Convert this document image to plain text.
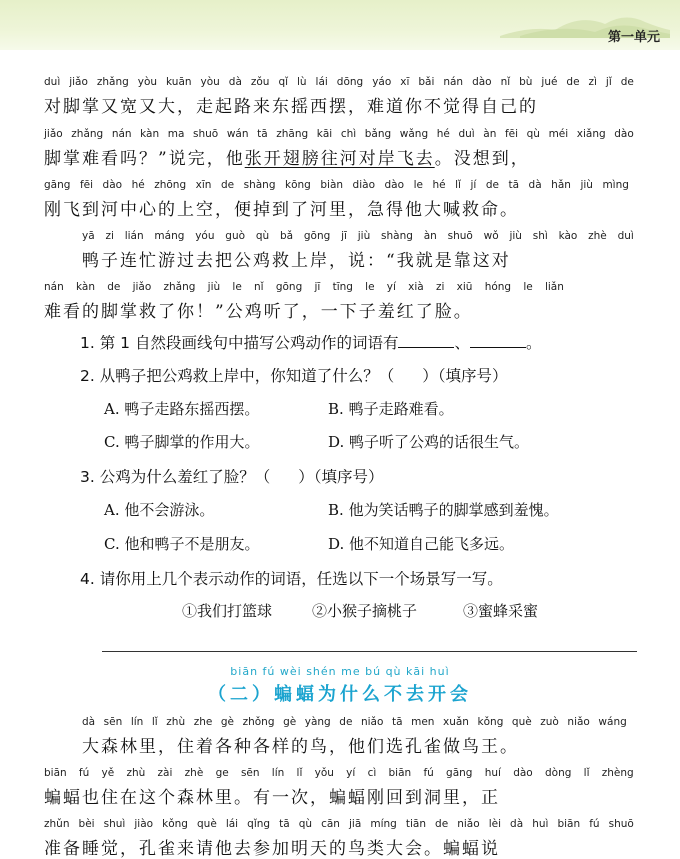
第一单元
duì jiǎo zhǎng yòu kuān yòu dà zǒu qǐ lù lái dōng yáo xī bǎi nán dào nǐ bù jué de zì jǐ de
对脚掌又宽又大，走起路来东摇西摆，难道你不觉得自己的
jiǎo zhǎng nán kàn ma shuō wán tā zhāng kāi chì bǎng wǎng hé duì àn fēi qù méi xiǎng dào
脚掌难看吗？”说完，他张开翅膀往河对岸飞去。没想到，
gāng fēi dào hé zhōng xīn de shàng kōng biàn diào dào le hé lǐ jí de tā dà hǎn jiù mìng
刚飞到河中心的上空，便掉到了河里，急得他大喊救命。
yā zi lián máng yóu guò qù bǎ gōng jī jiù shàng àn shuō wǒ jiù shì kào zhè duì
鸭子连忙游过去把公鸡救上岸，说：“我就是靠这对
nán kàn de jiǎo zhǎng jiù le nǐ gōng jī tīng le yí xià zi xiū hóng le liǎn
难看的脚掌救了你！”公鸡听了，一下子羞红了脸。
1. 第 1 自然段画线句中描写公鸡动作的词语有	、	。
2. 从鸭子把公鸡救上岸中，你知道了什么？（ ）（填序号）
A. 鸭子走路东摇西摆。	B. 鸭子走路难看。
C. 鸭子脚掌的作用大。	D. 鸭子听了公鸡的话很生气。
3. 公鸡为什么羞红了脸？（ ）（填序号）
A. 他不会游泳。	B. 他为笑话鸭子的脚掌感到羞愧。
C. 他和鸭子不是朋友。	D. 他不知道自己能飞多远。
4. 请你用上几个表示动作的词语，任选以下一个场景写一写。
①我们打篮球	②小猴子摘桃子	③蜜蜂采蜜
biān fú wèi shén me bú qù kāi huì
（二）蝙蝠为什么不去开会
dà sēn lín lǐ zhù zhe gè zhǒng gè yàng de niǎo tā men xuǎn kǒng què zuò niǎo wáng
大森林里，住着各种各样的鸟，他们选孔雀做鸟王。
biān fú yě zhù zài zhè ge sēn lín lǐ yǒu yí cì biān fú gāng huí dào dòng lǐ zhèng
蝙蝠也住在这个森林里。有一次，蝙蝠刚回到洞里，正
zhǔn bèi shuì jiào kǒng què lái qǐng tā qù cān jiā míng tiān de niǎo lèi dà huì biān fú shuō
准备睡觉，孔雀来请他去参加明天的鸟类大会。蝙蝠说
